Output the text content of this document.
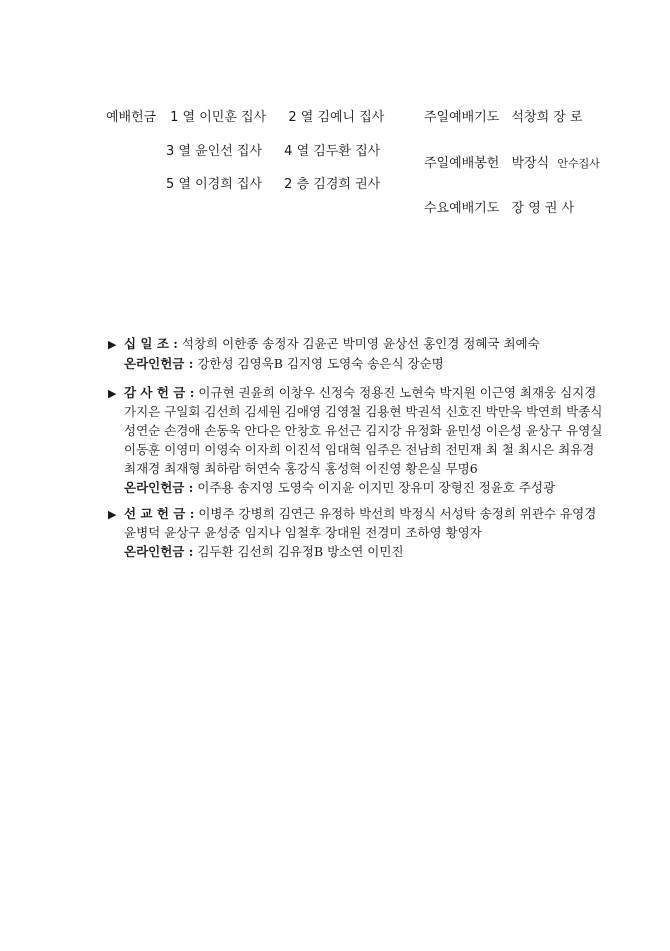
예배헌금 1 열 이민훈 집사 2 열 김예니 집사
3 열 윤인선 집사 4 열 김두환 집사
5 열 이경희 집사 2 층 김경희 권사
주일예배기도 석창희 장 로
주일예배봉헌 박장식 안수집사
수요예배기도 장 영 권 사
▶ 십 일 조 : 석창희 이한종 송정자 김윤곤 박미영 윤상선 홍인경 정혜국 최예숙
온라인헌금 : 강한성 김영욱B 김지영 도영숙 송은식 장순명
▶ 감 사 헌 금 : 이규현 권윤희 이창우 신정숙 정용진 노현숙 박지원 이근영 최재웅 심지경
가지은 구일회 김선희 김세원 김애영 김영철 김용현 박권석 신호진 박만욱 박연희 박종식
성연순 손경애 손동욱 안다은 안창호 유선근 김지강 유정화 윤민성 이은성 윤상구 유영실
이동훈 이영미 이영숙 이자희 이진석 임대혁 임주은 전남희 전민재 최 철 최시은 최유경
최재경 최재형 최하람 허연숙 홍강식 홍성혁 이진영 황은실 무명6
온라인헌금 : 이주용 송지영 도영숙 이지윤 이지민 장유미 장형진 정윤호 주성광
▶ 선 교 헌 금 : 이병주 강병희 김연근 유정하 박선희 박정식 서성탁 송정희 위관수 유영경
윤병덕 윤상구 윤성중 임지나 임철후 장대원 전경미 조하영 황영자
온라인헌금 : 김두환 김선희 김유정B 방소연 이민진
